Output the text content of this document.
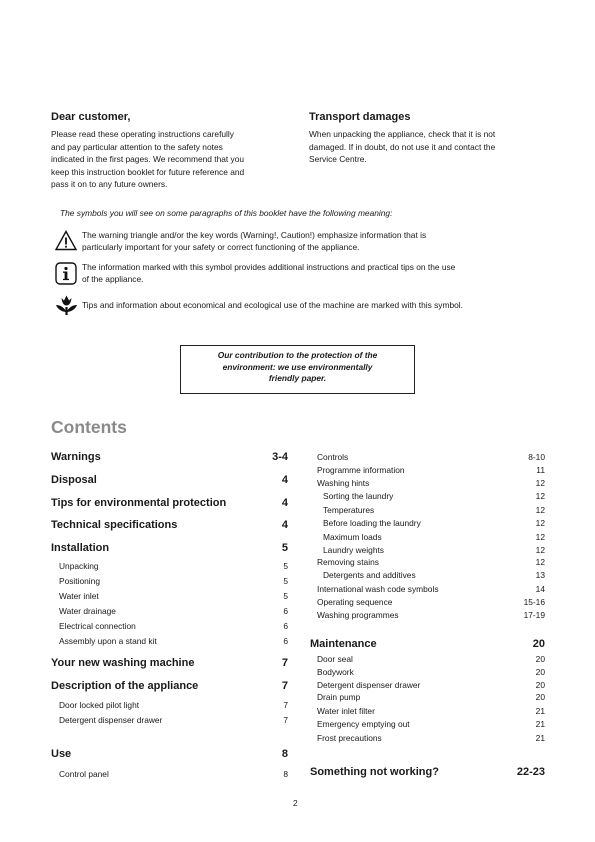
Dear customer,
Please read these operating instructions carefully
and pay particular attention to the safety notes
indicated in the first pages. We recommend that you
keep this instruction booklet for future reference and
pass it on to any future owners.
Transport damages
When unpacking the appliance, check that it is not
damaged. If in doubt, do not use it and contact the
Service Centre.
The symbols you will see on some paragraphs of this booklet have the following meaning:
The warning triangle and/or the key words (Warning!, Caution!) emphasize information that is
particularly important for your safety or correct functioning of the appliance.
The information marked with this symbol provides additional instructions and practical tips on the use
of the appliance.
Tips and information about economical and ecological use of the machine are marked with this symbol.
Our contribution to the protection of the
environment: we use environmentally
friendly paper.
Contents
Warnings	3-4
Disposal	4
Tips for environmental protection	4
Technical specifications	4
Installation	5
Unpacking	5
Positioning	5
Water inlet	5
Water drainage	6
Electrical connection	6
Assembly upon a stand kit	6
Your new washing machine	7
Description of the appliance	7
Door locked pilot light	7
Detergent dispenser drawer	7
Use	8
Control panel	8
Controls	8-10
Programme information	11
Washing hints	12
Sorting the laundry	12
Temperatures	12
Before loading the laundry	12
Maximum loads	12
Laundry weights	12
Removing stains	12
Detergents and additives	13
International wash code symbols	14
Operating sequence	15-16
Washing programmes	17-19
Maintenance	20
Door seal	20
Bodywork	20
Detergent dispenser drawer	20
Drain pump	20
Water inlet filter	21
Emergency emptying out	21
Frost precautions	21
Something not working?	22-23
2
